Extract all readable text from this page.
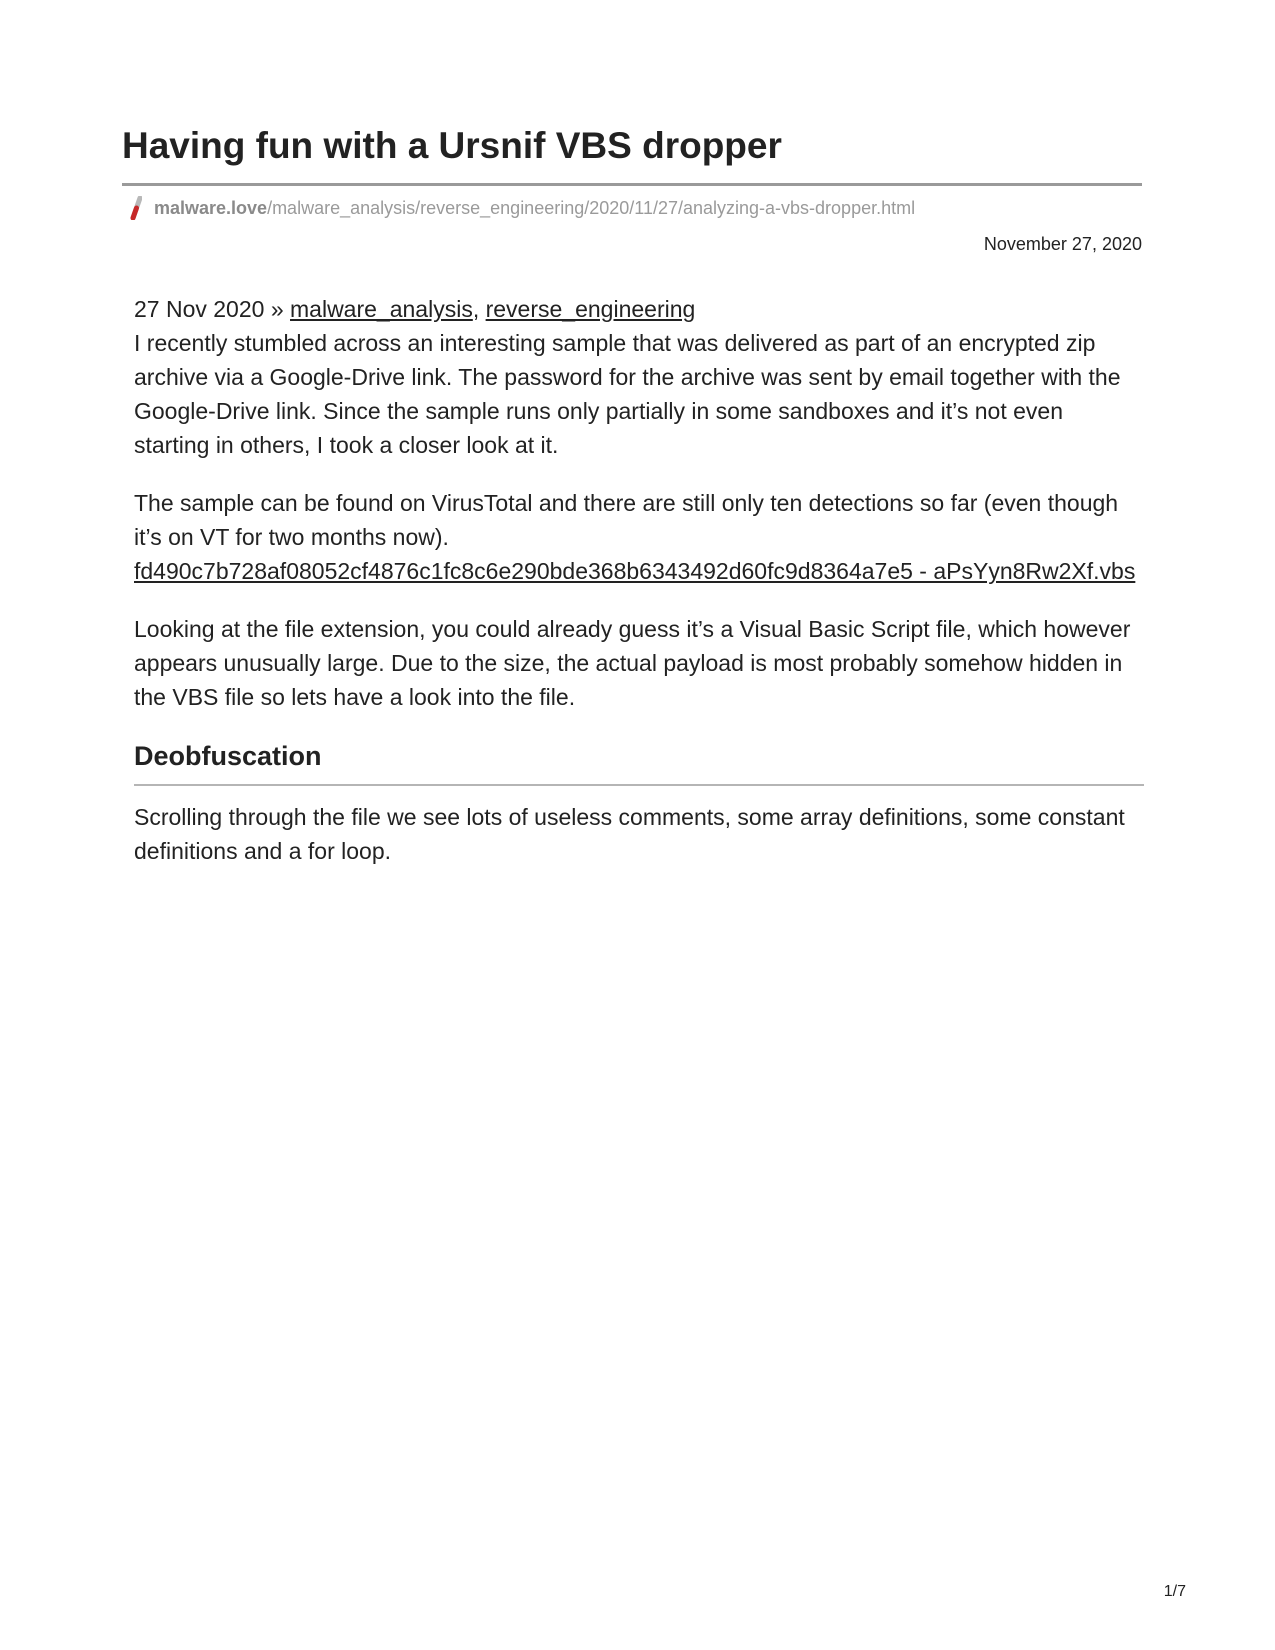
Having fun with a Ursnif VBS dropper
malware.love /malware_analysis/reverse_engineering/2020/11/27/analyzing-a-vbs-dropper.html
November 27, 2020
27 Nov 2020 » malware_analysis, reverse_engineering

I recently stumbled across an interesting sample that was delivered as part of an encrypted zip archive via a Google-Drive link. The password for the archive was sent by email together with the Google-Drive link. Since the sample runs only partially in some sandboxes and it’s not even starting in others, I took a closer look at it.

The sample can be found on VirusTotal and there are still only ten detections so far (even though it’s on VT for two months now).
fd490c7b728af08052cf4876c1fc8c6e290bde368b6343492d60fc9d8364a7e5 - aPsYyn8Rw2Xf.vbs

Looking at the file extension, you could already guess it’s a Visual Basic Script file, which however appears unusually large. Due to the size, the actual payload is most probably somehow hidden in the VBS file so lets have a look into the file.

Deobfuscation

Scrolling through the file we see lots of useless comments, some array definitions, some constant definitions and a for loop.

1/7
